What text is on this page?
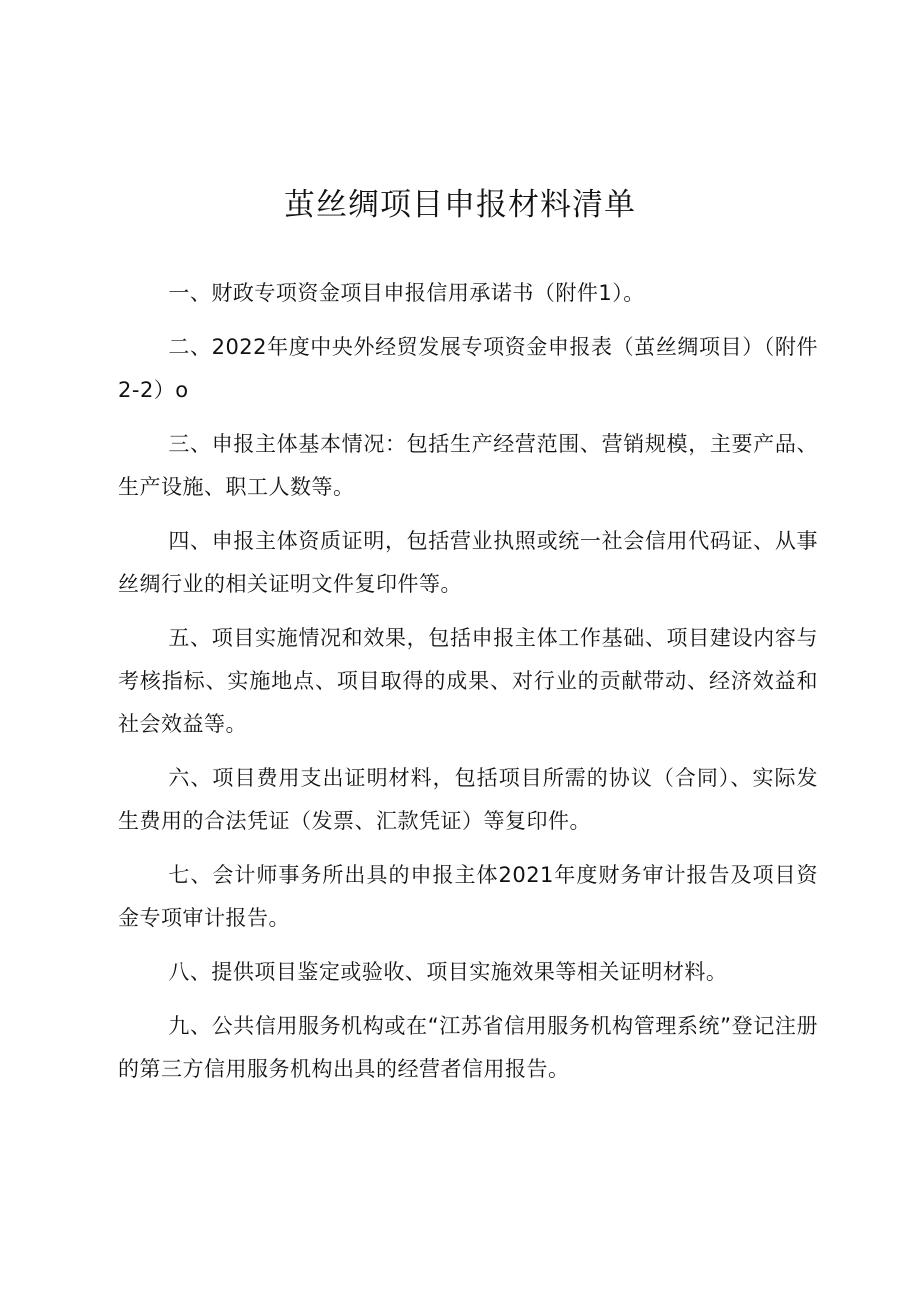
茧丝绸项目申报材料清单

一、财政专项资金项目申报信用承诺书（附件1）。

二、2022年度中央外经贸发展专项资金申报表（茧丝绸项目）（附件2-2）o

三、申报主体基本情况：包括生产经营范围、营销规模，主要产品、生产设施、职工人数等。

四、申报主体资质证明，包括营业执照或统一社会信用代码证、从事丝绸行业的相关证明文件复印件等。

五、项目实施情况和效果，包括申报主体工作基础、项目建设内容与考核指标、实施地点、项目取得的成果、对行业的贡献带动、经济效益和社会效益等。

六、项目费用支出证明材料，包括项目所需的协议（合同）、实际发生费用的合法凭证（发票、汇款凭证）等复印件。

七、会计师事务所出具的申报主体2021年度财务审计报告及项目资金专项审计报告。

八、提供项目鉴定或验收、项目实施效果等相关证明材料。

九、公共信用服务机构或在“江苏省信用服务机构管理系统”登记注册的第三方信用服务机构出具的经营者信用报告。
